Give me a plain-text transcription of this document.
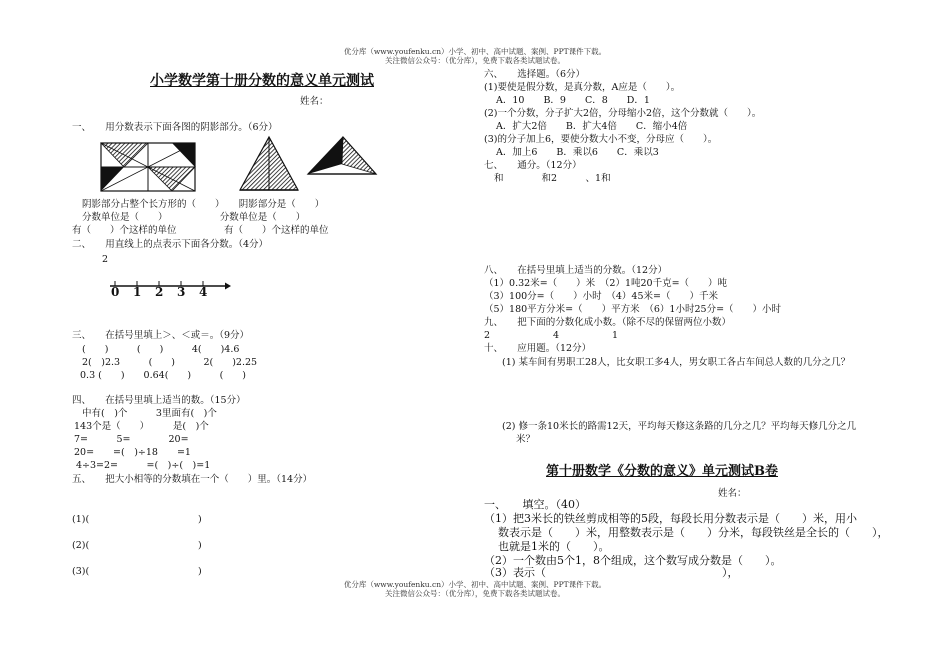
优分库（www.youfenku.cn）小学、初中、高中试题、案例、PPT课件下载。
关注微信公众号：（优分库），免费下载各类试题试卷。
小学数学第十册分数的意义单元测试
姓名：
一、　　用分数表示下面各图的阴影部分。（6分）
阴影部分占整个长方形的（　　）　　阴影部分是（　　）
分数单位是（　　）　　　　　　分数单位是（　　）
有（　　）个这样的单位　　　　　有（　　）个这样的单位
二、　　用直线上的点表示下面各分数。（4分）
2
0 1 2 3 4
三、　　在括号里填上＞、＜或＝。（9分）
(　　)　　　(　　)　　　4(　　)4.6
2(　)2.3　　　(　　)　　　2(　　)2.25
0.3 (　　)　　0.64(　　)　　　(　　)
四、　　在括号里填上适当的数。（15分）
中有(　)个　　　3里面有(　)个
143个是（　　）　　　是(　)个
7=　　　5=　　　　20=
20=　　=(　)÷18　　=1
4÷3=2=　　　=(　)÷(　)=1
五、　　把大小相等的分数填在一个（　　）里。（14分）
(1)(	)
(2)(	)
(3)(	)
六、　　选择题。（6分）
(1)要使是假分数，是真分数，A应是（　　）。
A．10　　B．9　　C．8　　D．1
(2)一个分数，分子扩大2倍，分母缩小2倍，这个分数就（　　）。
A．扩大2倍　　B．扩大4倍　　C．缩小4倍
(3)的分子加上6，要使分数大小不变，分母应（　　）。
A．加上6　　B．乘以6　　C．乘以3
七、　　通分。（12分）
和　　　　和2　　　、1和
八、　　在括号里填上适当的分数。（12分）
（1）0.32米=（　　）米　（2）1吨20千克=（　　）吨
（3）100分=（　　）小时　（4）45米=（　　）千米
（5）180平方分米=（　　）平方米　（6）1小时25分=（　　）小时
九、　　把下面的分数化成小数。（除不尽的保留两位小数）
2	4	1
十、　　应用题。（12分）
(1) 某车间有男职工28人，比女职工多4人，男女职工各占车间总人数的几分之几？
(2) 修一条10米长的路需12天，平均每天修这条路的几分之几？平均每天修几分之几
米？
第十册数学《分数的意义》单元测试B卷
姓名：
一、　　填空。（40）
（1）把3米长的铁丝剪成相等的5段，每段长用分数表示是（　　）米，用小
数表示是（　　）米，用整数表示是（　　）分米，每段铁丝是全长的（　　），
也就是1米的（　　）。
（2）一个数由5个1，8个组成，这个数写成分数是（　　）。
（3）表示（　　　　　　　　　　　　　　　　），
优分库（www.youfenku.cn）小学、初中、高中试题、案例、PPT课件下载。
关注微信公众号：（优分库），免费下载各类试题试卷。
